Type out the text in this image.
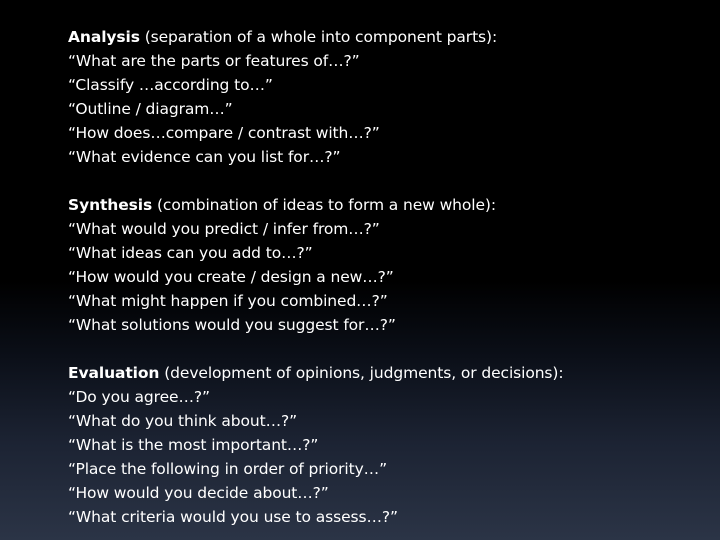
Analysis (separation of a whole into component parts):
“What are the parts or features of…?”
“Classify …according to…”
“Outline / diagram…”
“How does…compare / contrast with…?”
“What evidence can you list for…?”
Synthesis (combination of ideas to form a new whole):
“What would you predict / infer from…?”
“What ideas can you add to…?”
“How would you create / design a new…?”
“What might happen if you combined…?”
“What solutions would you suggest for…?”
Evaluation (development of opinions, judgments, or decisions):
“Do you agree…?”
“What do you think about…?”
“What is the most important…?”
“Place the following in order of priority…”
“How would you decide about…?”
“What criteria would you use to assess…?”
